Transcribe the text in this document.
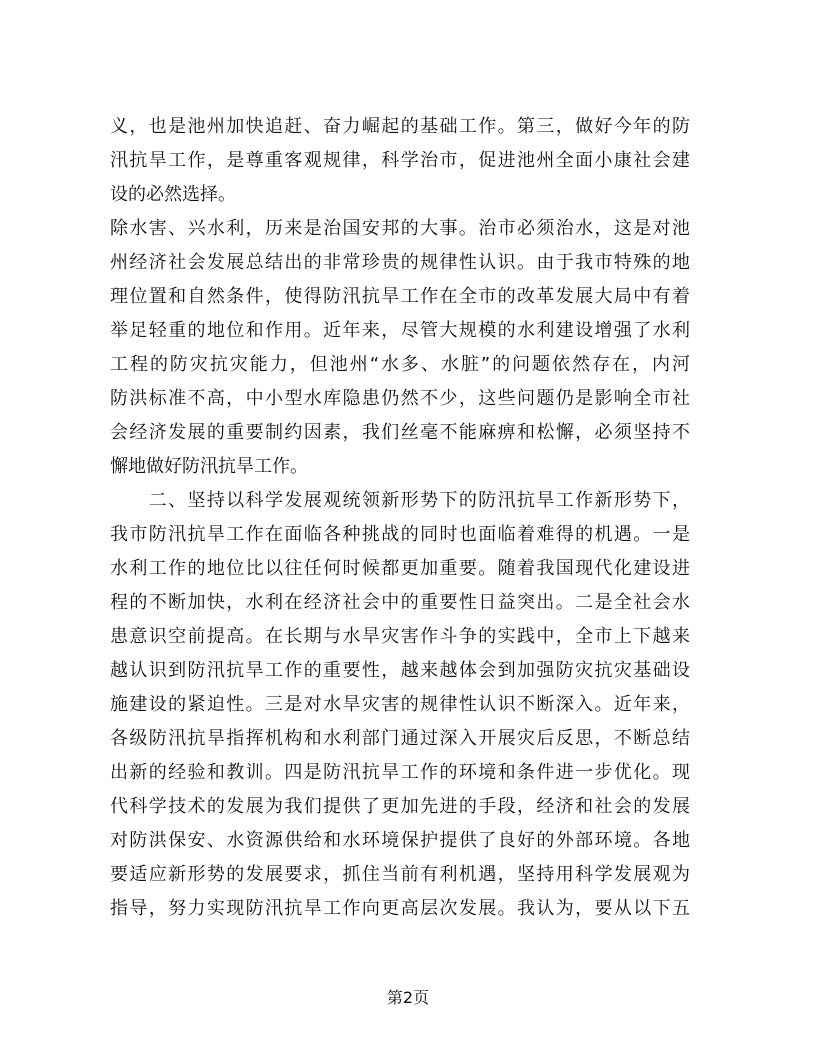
义，也是池州加快追赶、奋力崛起的基础工作。第三，做好今年的防

汛抗旱工作，是尊重客观规律，科学治市，促进池州全面小康社会建

设的必然选择。

除水害、兴水利，历来是治国安邦的大事。治市必须治水，这是对池

州经济社会发展总结出的非常珍贵的规律性认识。由于我市特殊的地

理位置和自然条件，使得防汛抗旱工作在全市的改革发展大局中有着

举足轻重的地位和作用。近年来，尽管大规模的水利建设增强了水利

工程的防灾抗灾能力，但池州“水多、水脏”的问题依然存在，内河

防洪标准不高，中小型水库隐患仍然不少，这些问题仍是影响全市社

会经济发展的重要制约因素，我们丝毫不能麻痹和松懈，必须坚持不

懈地做好防汛抗旱工作。

　　二、坚持以科学发展观统领新形势下的防汛抗旱工作新形势下，

我市防汛抗旱工作在面临各种挑战的同时也面临着难得的机遇。一是

水利工作的地位比以往任何时候都更加重要。随着我国现代化建设进

程的不断加快，水利在经济社会中的重要性日益突出。二是全社会水

患意识空前提高。在长期与水旱灾害作斗争的实践中，全市上下越来

越认识到防汛抗旱工作的重要性，越来越体会到加强防灾抗灾基础设

施建设的紧迫性。三是对水旱灾害的规律性认识不断深入。近年来，

各级防汛抗旱指挥机构和水利部门通过深入开展灾后反思，不断总结

出新的经验和教训。四是防汛抗旱工作的环境和条件进一步优化。现

代科学技术的发展为我们提供了更加先进的手段，经济和社会的发展

对防洪保安、水资源供给和水环境保护提供了良好的外部环境。各地

要适应新形势的发展要求，抓住当前有利机遇，坚持用科学发展观为

指导，努力实现防汛抗旱工作向更高层次发展。我认为，要从以下五

第2页
